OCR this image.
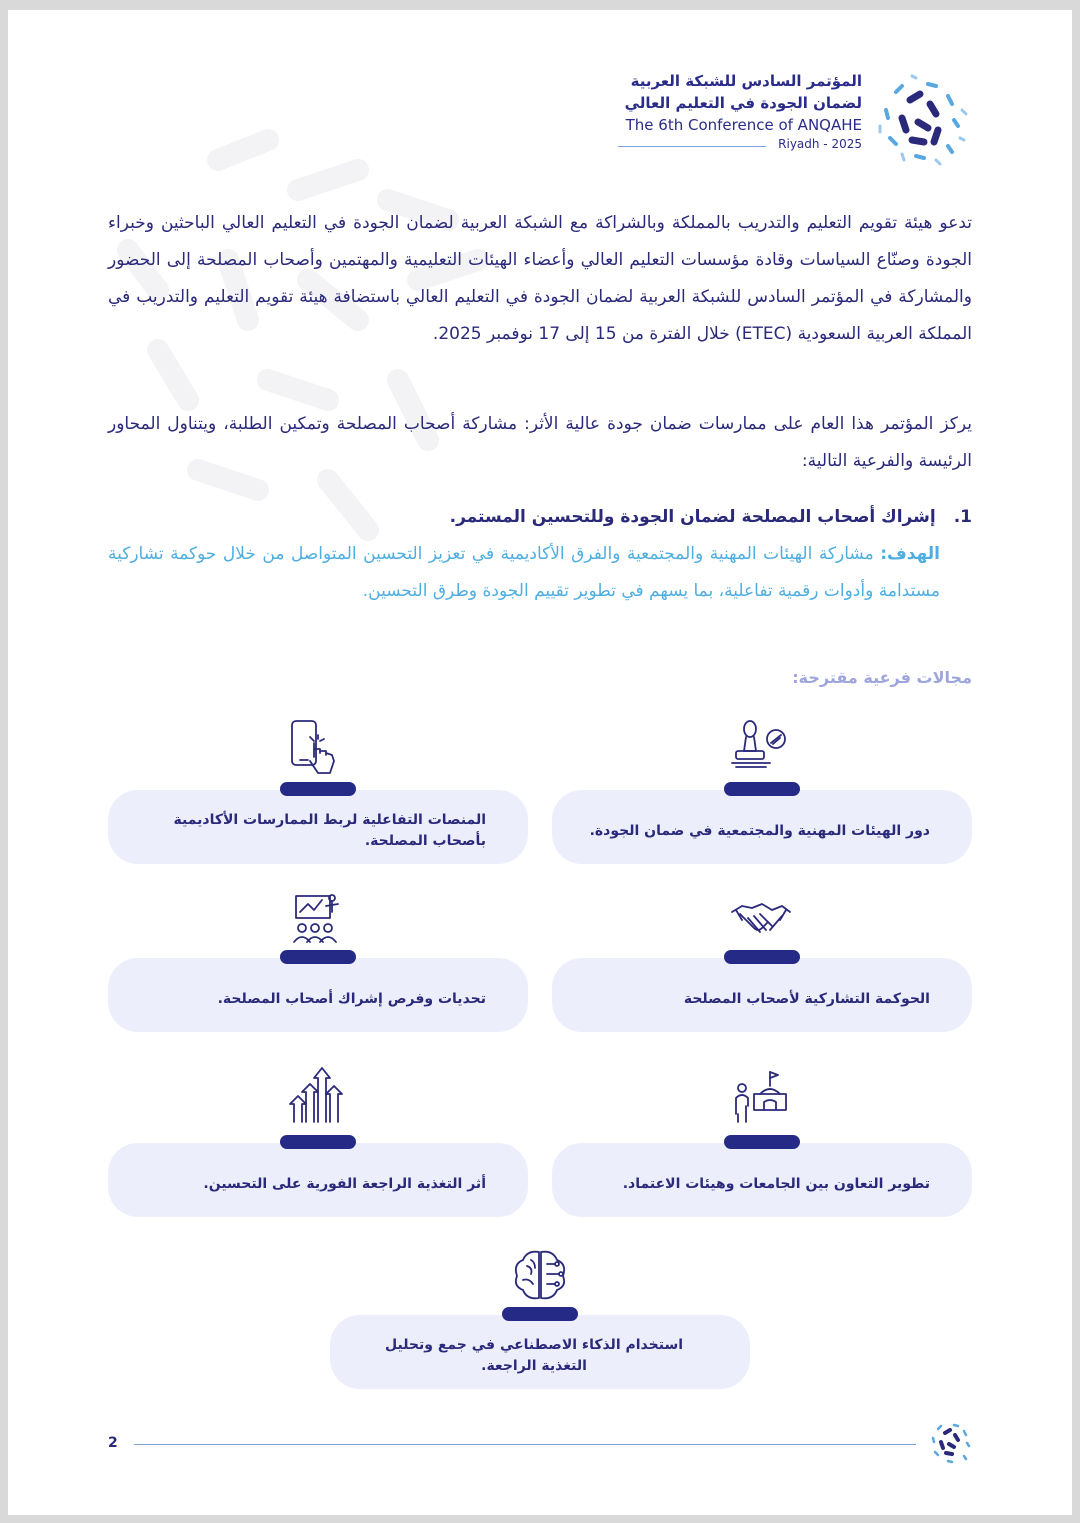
المؤتمر السادس للشبكة العربية
لضمان الجودة في التعليم العالي
The 6th Conference of ANQAHE
Riyadh - 2025
تدعو هيئة تقويم التعليم والتدريب بالمملكة وبالشراكة مع الشبكة العربية لضمان الجودة في التعليم العالي الباحثين وخبراء الجودة وصنّاع السياسات وقادة مؤسسات التعليم العالي وأعضاء الهيئات التعليمية والمهتمين وأصحاب المصلحة إلى الحضور والمشاركة في المؤتمر السادس للشبكة العربية لضمان الجودة في التعليم العالي باستضافة هيئة تقويم التعليم والتدريب في المملكة العربية السعودية (ETEC) خلال الفترة من 15 إلى 17 نوفمبر 2025.
يركز المؤتمر هذا العام على ممارسات ضمان جودة عالية الأثر: مشاركة أصحاب المصلحة وتمكين الطلبة، ويتناول المحاور الرئيسة والفرعية التالية:
1.إشراك أصحاب المصلحة لضمان الجودة وللتحسين المستمر.
الهدف: مشاركة الهيئات المهنية والمجتمعية والفرق الأكاديمية في تعزيز التحسين المتواصل من خلال حوكمة تشاركية مستدامة وأدوات رقمية تفاعلية، بما يسهم في تطوير تقييم الجودة وطرق التحسين.
مجالات فرعية مقترحة:
دور الهيئات المهنية والمجتمعية في ضمان الجودة.
المنصات التفاعلية لربط الممارسات الأكاديمية بأصحاب المصلحة.
الحوكمة التشاركية لأصحاب المصلحة
تحديات وفرص إشراك أصحاب المصلحة.
تطوير التعاون بين الجامعات وهيئات الاعتماد.
أثر التغذية الراجعة الفورية على التحسين.
استخدام الذكاء الاصطناعي في جمع وتحليل التغذية الراجعة.
2
